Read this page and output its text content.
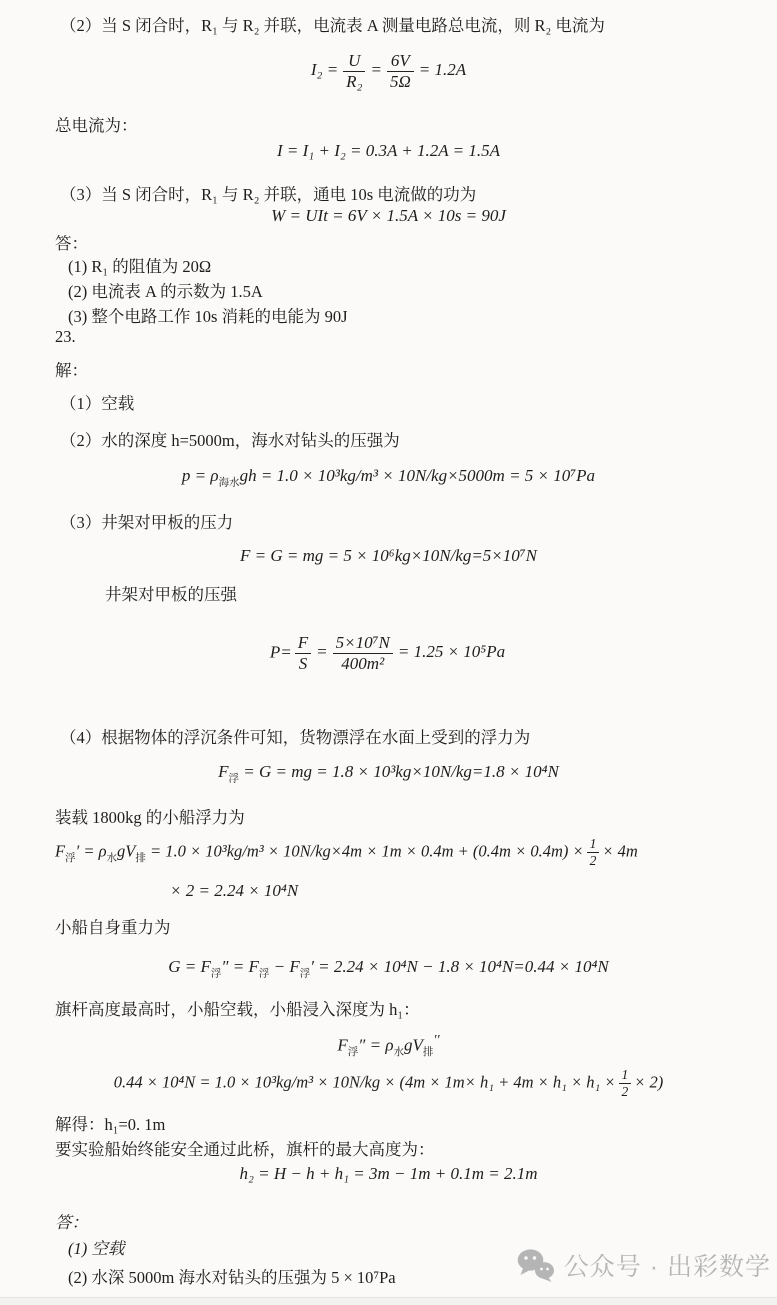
（2）当 S 闭合时，R₁ 与 R₂ 并联，电流表 A 测量电路总电流，则 R₂ 电流为

$I_2 = \frac{U}{\text{R₂}} = \frac{6V}{5\Omega} = 1.2A$

总电流为：

I = I₁ + I₂ = 0.3A + 1.2A = 1.5A

（3）当 S 闭合时，R₁ 与 R₂ 并联，通电 10s 电流做的功为

W = UIt = 6V × 1.5A × 10s = 90J

答：

(1) R₁ 的阻值为 20Ω

(2) 电流表 A 的示数为 1.5A

(3) 整个电路工作 10s 消耗的电能为 90J

23.

解：

（1）空载

（2）水的深度 h=5000m，海水对钻头的压强为

$p = \rho_{海水}gh = 1.0 \times 10^3kg/m^3 \times 10N/kg\times 5000m = 5 \times 10^7Pa$

（3）井架对甲板的压力

F = G = mg = 5 × 10⁶kg×10N/kg=5×10⁷N

井架对甲板的压强

$P= \frac{F}{S} = \frac{\text{5×10⁷N}}{\text{400m²}} = 1.25 \times 10^5Pa$

（4）根据物体的浮沉条件可知，货物漂浮在水面上受到的浮力为

$F_浮 = G$ = mg = 1.8 × 10³kg×10N/kg=1.8 × 10⁴N

装载 1800kg 的小船浮力为

$F_浮' = \rho_水gV_排 = 1.0 \times 10^3kg/m^3 \times 10N/kg\times 4m \times 1m \times 0.4m + (0.4m \times 0.4m) \times \frac{1}{2} \times 4m$

× 2 = 2.24 × 10⁴N

小船自身重力为

$G = F_浮'' = F_浮 - F_浮' = 2.24 \times 10^4N - 1.8 \times 10^4N=0.44 \times 10^4N$

旗杆高度最高时，小船空载，小船浸入深度为 h₁：

$F_浮'' = \rho_水gV_排''$

$0.44 \times 10^4N = 1.0 \times 10^3kg/m^3 \times 10N/kg \times (4m \times 1m\times h_1 + 4m \times h_1 \times h_1 \times \frac{1}{2} \times 2)$

解得：h₁=0. 1m

要实验船始终能安全通过此桥，旗杆的最大高度为：

h₂ = H − h + h₁ = 3m − 1m + 0.1m = 2.1m

答：

(1) 空载

(2) 水深 5000m 海水对钻头的压强为 5 × 10⁷Pa	公众号 · 出彩数学
